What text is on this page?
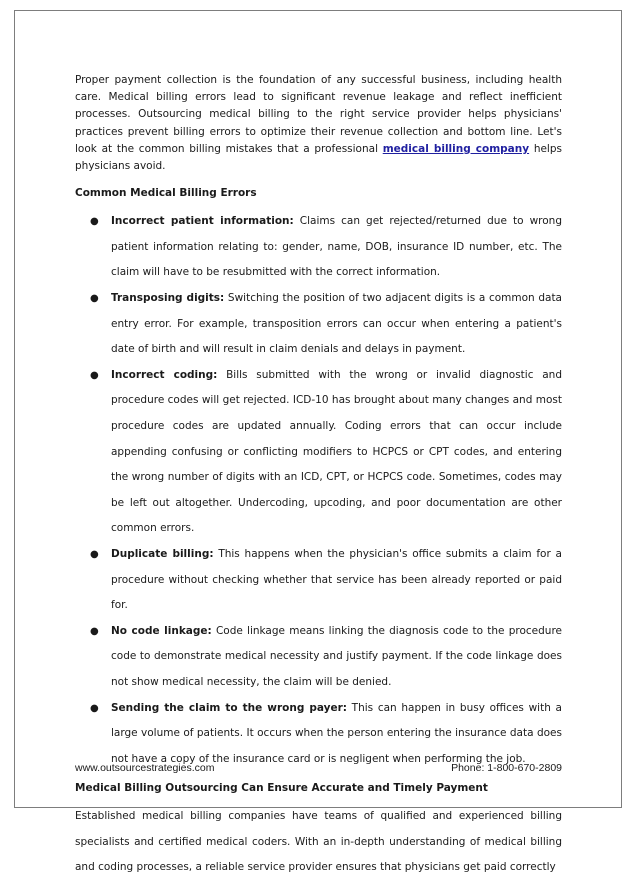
Proper payment collection is the foundation of any successful business, including health care. Medical billing errors lead to significant revenue leakage and reflect inefficient processes. Outsourcing medical billing to the right service provider helps physicians' practices prevent billing errors to optimize their revenue collection and bottom line. Let's look at the common billing mistakes that a professional medical billing company helps physicians avoid.

Common Medical Billing Errors

● Incorrect patient information: Claims can get rejected/returned due to wrong patient information relating to: gender, name, DOB, insurance ID number, etc. The claim will have to be resubmitted with the correct information.
● Transposing digits: Switching the position of two adjacent digits is a common data entry error. For example, transposition errors can occur when entering a patient's date of birth and will result in claim denials and delays in payment.
● Incorrect coding: Bills submitted with the wrong or invalid diagnostic and procedure codes will get rejected. ICD-10 has brought about many changes and most procedure codes are updated annually. Coding errors that can occur include appending confusing or conflicting modifiers to HCPCS or CPT codes, and entering the wrong number of digits with an ICD, CPT, or HCPCS code. Sometimes, codes may be left out altogether. Undercoding, upcoding, and poor documentation are other common errors.
● Duplicate billing: This happens when the physician's office submits a claim for a procedure without checking whether that service has been already reported or paid for.
● No code linkage: Code linkage means linking the diagnosis code to the procedure code to demonstrate medical necessity and justify payment. If the code linkage does not show medical necessity, the claim will be denied.
● Sending the claim to the wrong payer: This can happen in busy offices with a large volume of patients. It occurs when the person entering the insurance data does not have a copy of the insurance card or is negligent when performing the job.

Medical Billing Outsourcing Can Ensure Accurate and Timely Payment

Established medical billing companies have teams of qualified and experienced billing specialists and certified medical coders. With an in-depth understanding of medical billing and coding processes, a reliable service provider ensures that physicians get paid correctly

www.outsourcestrategies.com	Phone: 1-800-670-2809
